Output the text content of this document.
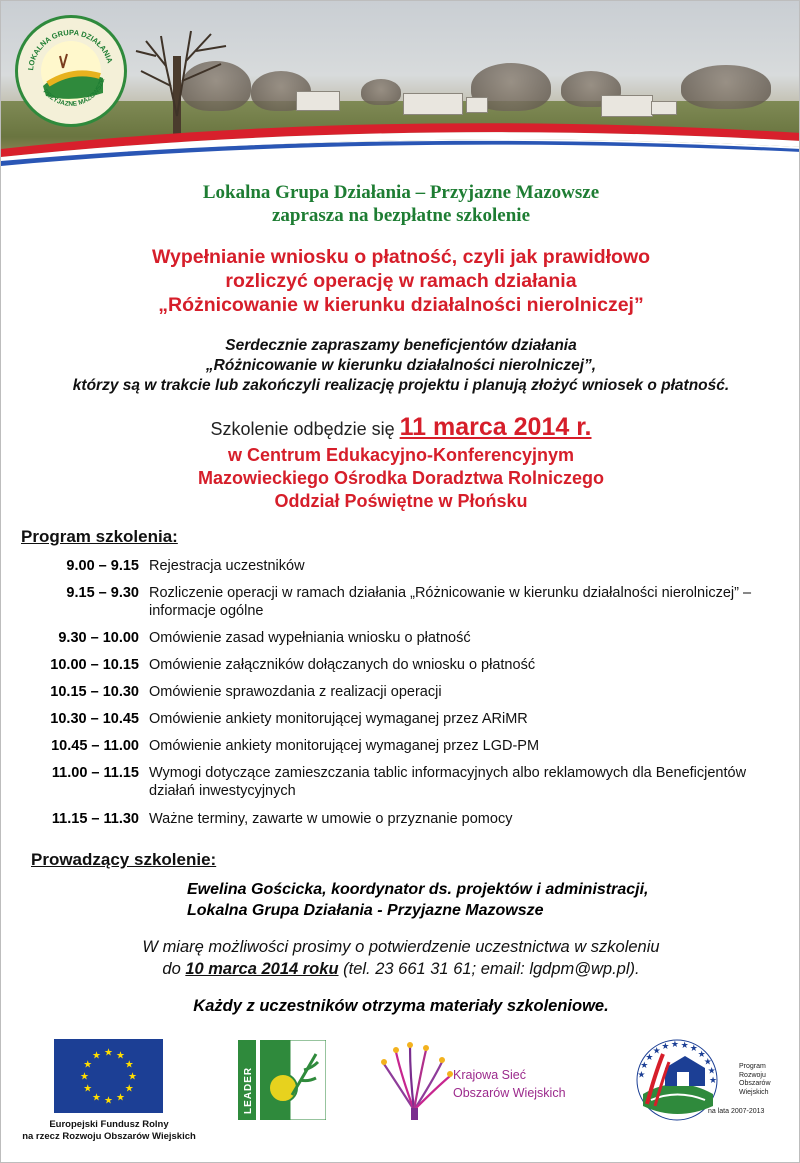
LOKALNA GRUPA DZIAŁANIA
PRZYJAZNE MAZOWSZE
Lokalna Grupa Działania – Przyjazne Mazowsze
zaprasza na bezpłatne szkolenie
Wypełnianie wniosku o płatność, czyli jak prawidłowo
rozliczyć operację w ramach działania
„Różnicowanie w kierunku działalności nierolniczej”
Serdecznie zapraszamy beneficjentów działania
„Różnicowanie w kierunku działalności nierolniczej”,
którzy są w trakcie lub zakończyli realizację projektu i planują złożyć wniosek o płatność.
Szkolenie odbędzie się 11 marca 2014 r.
w Centrum Edukacyjno-Konferencyjnym
Mazowieckiego Ośrodka Doradztwa Rolniczego
Oddział Poświętne w Płońsku
Program szkolenia:
9.00 – 9.15 Rejestracja uczestników
9.15 – 9.30 Rozliczenie operacji w ramach działania „Różnicowanie w kierunku działalności nierolniczej” – informacje ogólne
9.30 – 10.00 Omówienie zasad wypełniania wniosku o płatność
10.00 – 10.15 Omówienie załączników dołączanych do wniosku o płatność
10.15 – 10.30 Omówienie sprawozdania z realizacji operacji
10.30 – 10.45 Omówienie ankiety monitorującej wymaganej przez ARiMR
10.45 – 11.00 Omówienie ankiety monitorującej wymaganej przez LGD-PM
11.00 – 11.15 Wymogi dotyczące zamieszczania tablic informacyjnych albo reklamowych dla Beneficjentów działań inwestycyjnych
11.15 – 11.30 Ważne terminy, zawarte w umowie o przyznanie pomocy
Prowadzący szkolenie:
Ewelina Gościcka, koordynator ds. projektów i administracji,
Lokalna Grupa Działania - Przyjazne Mazowsze
W miarę możliwości prosimy o potwierdzenie uczestnictwa w szkoleniu
do 10 marca 2014 roku (tel. 23 661 31 61; email: lgdpm@wp.pl).
Każdy z uczestników otrzyma materiały szkoleniowe.
★ ★
★
★
★
★
★
★
★
★
★
★
Europejski Fundusz Rolny
na rzecz Rozwoju Obszarów Wiejskich
LEADER	Krajowa Sieć
Obszarów Wiejskich
★
★
★
★ ★ ★ ★ ★
★
★
★
★
Program
Rozwoju
Obszarów
Wiejskich
na lata 2007-2013
